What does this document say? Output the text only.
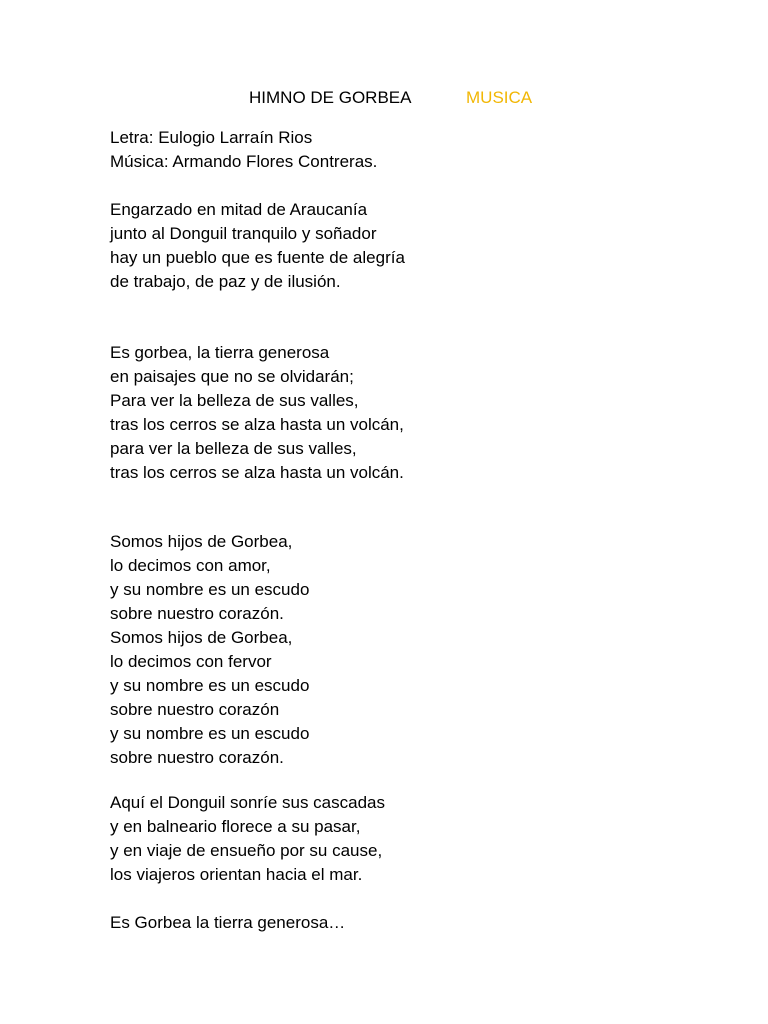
HIMNO DE GORBEA	MUSICA
Letra: Eulogio Larraín Rios
Música: Armando Flores Contreras.
Engarzado en mitad de Araucanía
junto al Donguil tranquilo y soñador
hay un pueblo que es fuente de alegría
de trabajo, de paz y de ilusión.
Es gorbea, la tierra generosa
en paisajes que no se olvidarán;
Para ver la belleza de sus valles,
tras los cerros se alza hasta un volcán,
para ver la belleza de sus valles,
tras los cerros se alza hasta un volcán.
Somos hijos de Gorbea,
lo decimos con amor,
y su nombre es un escudo
sobre nuestro corazón.
Somos hijos de Gorbea,
lo decimos con fervor
y su nombre es un escudo
sobre nuestro corazón
y su nombre es un escudo
sobre nuestro corazón.
Aquí el Donguil sonríe sus cascadas
y en balneario florece a su pasar,
y en viaje de ensueño por su cause,
los viajeros orientan hacia el mar.
Es Gorbea la tierra generosa…
